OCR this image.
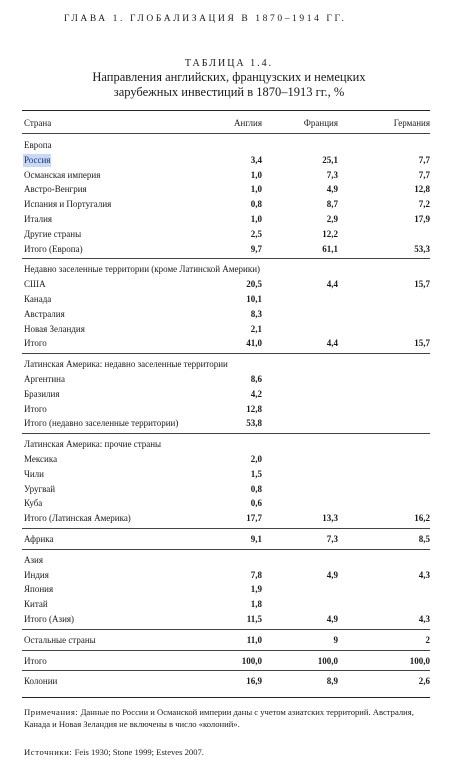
ГЛАВА 1. ГЛОБАЛИЗАЦИЯ В 1870–1914 ГГ.
ТАБЛИЦА 1.4.
Направления английских, французских и немецких
зарубежных инвестиций в 1870–1913 гг., %
Страна	Англия	Франция	Германия
Европа
Россия	3,4	25,1	7,7
Османская империя	1,0	7,3	7,7
Австро-Венгрия	1,0	4,9	12,8
Испания и Португалия	0,8	8,7	7,2
Италия	1,0	2,9	17,9
Другие страны	2,5	12,2
Итого (Европа)	9,7	61,1	53,3
Недавно заселенные территории (кроме Латинской Америки)
США	20,5	4,4	15,7
Канада	10,1
Австралия	8,3
Новая Зеландия	2,1
Итого	41,0	4,4	15,7
Латинская Америка: недавно заселенные территории
Аргентина	8,6
Бразилия	4,2
Итого	12,8
Итого (недавно заселенные территории)	53,8
Латинская Америка: прочие страны
Мексика	2,0
Чили	1,5
Уругвай	0,8
Куба	0,6
Итого (Латинская Америка)	17,7	13,3	16,2
Африка	9,1	7,3	8,5
Азия
Индия	7,8	4,9	4,3
Япония	1,9
Китай	1,8
Итого (Азия)	11,5	4,9	4,3
Остальные страны	11,0	9	2
Итого	100,0	100,0	100,0
Колонии	16,9	8,9	2,6
Примечания: Данные по России и Османской империи даны с учетом азиатских территорий. Австралия, Канада и Новая Зеландия не включены в число «колоний».
Источники: Feis 1930; Stone 1999; Esteves 2007.
